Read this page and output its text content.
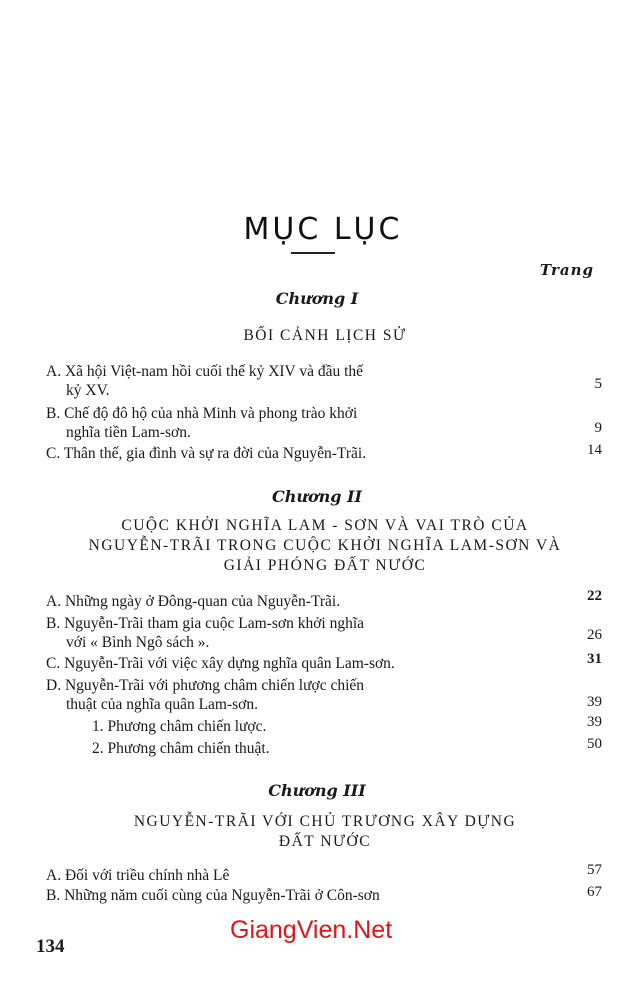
MỤC LỤC
Trang
Chương I
BỐI CẢNH LỊCH SỬ
A. Xã hội Việt-nam hồi cuối thế kỷ XIV và đầu thế
kỷ XV.	5
B. Chế độ đô hộ của nhà Minh và phong trào khởi
nghĩa tiền Lam-sơn.	9
C. Thân thế, gia đình và sự ra đời của Nguyễn-Trãi.	14
Chương II
CUỘC KHỞI NGHĨA LAM - SƠN VÀ VAI TRÒ CỦA
NGUYỄN-TRÃI TRONG CUỘC KHỞI NGHĨA LAM-SƠN VÀ
GIẢI PHÓNG ĐẤT NƯỚC
A. Những ngày ở Đông-quan của Nguyễn-Trãi.	22
B. Nguyễn-Trãi tham gia cuộc Lam-sơn khởi nghĩa
với « Bình Ngô sách ».	26
C. Nguyễn-Trãi với việc xây dựng nghĩa quân Lam-sơn.	31
D. Nguyễn-Trãi với phương châm chiến lược chiến
thuật của nghĩa quân Lam-sơn.	39
1. Phương châm chiến lược.	39
2. Phương châm chiến thuật.	50
Chương III
NGUYỄN-TRÃI VỚI CHỦ TRƯƠNG XÂY DỰNG
ĐẤT NƯỚC
A. Đối với triều chính nhà Lê	57
B. Những năm cuối cùng của Nguyễn-Trãi ở Côn-sơn	67
GiangVien.Net
134
